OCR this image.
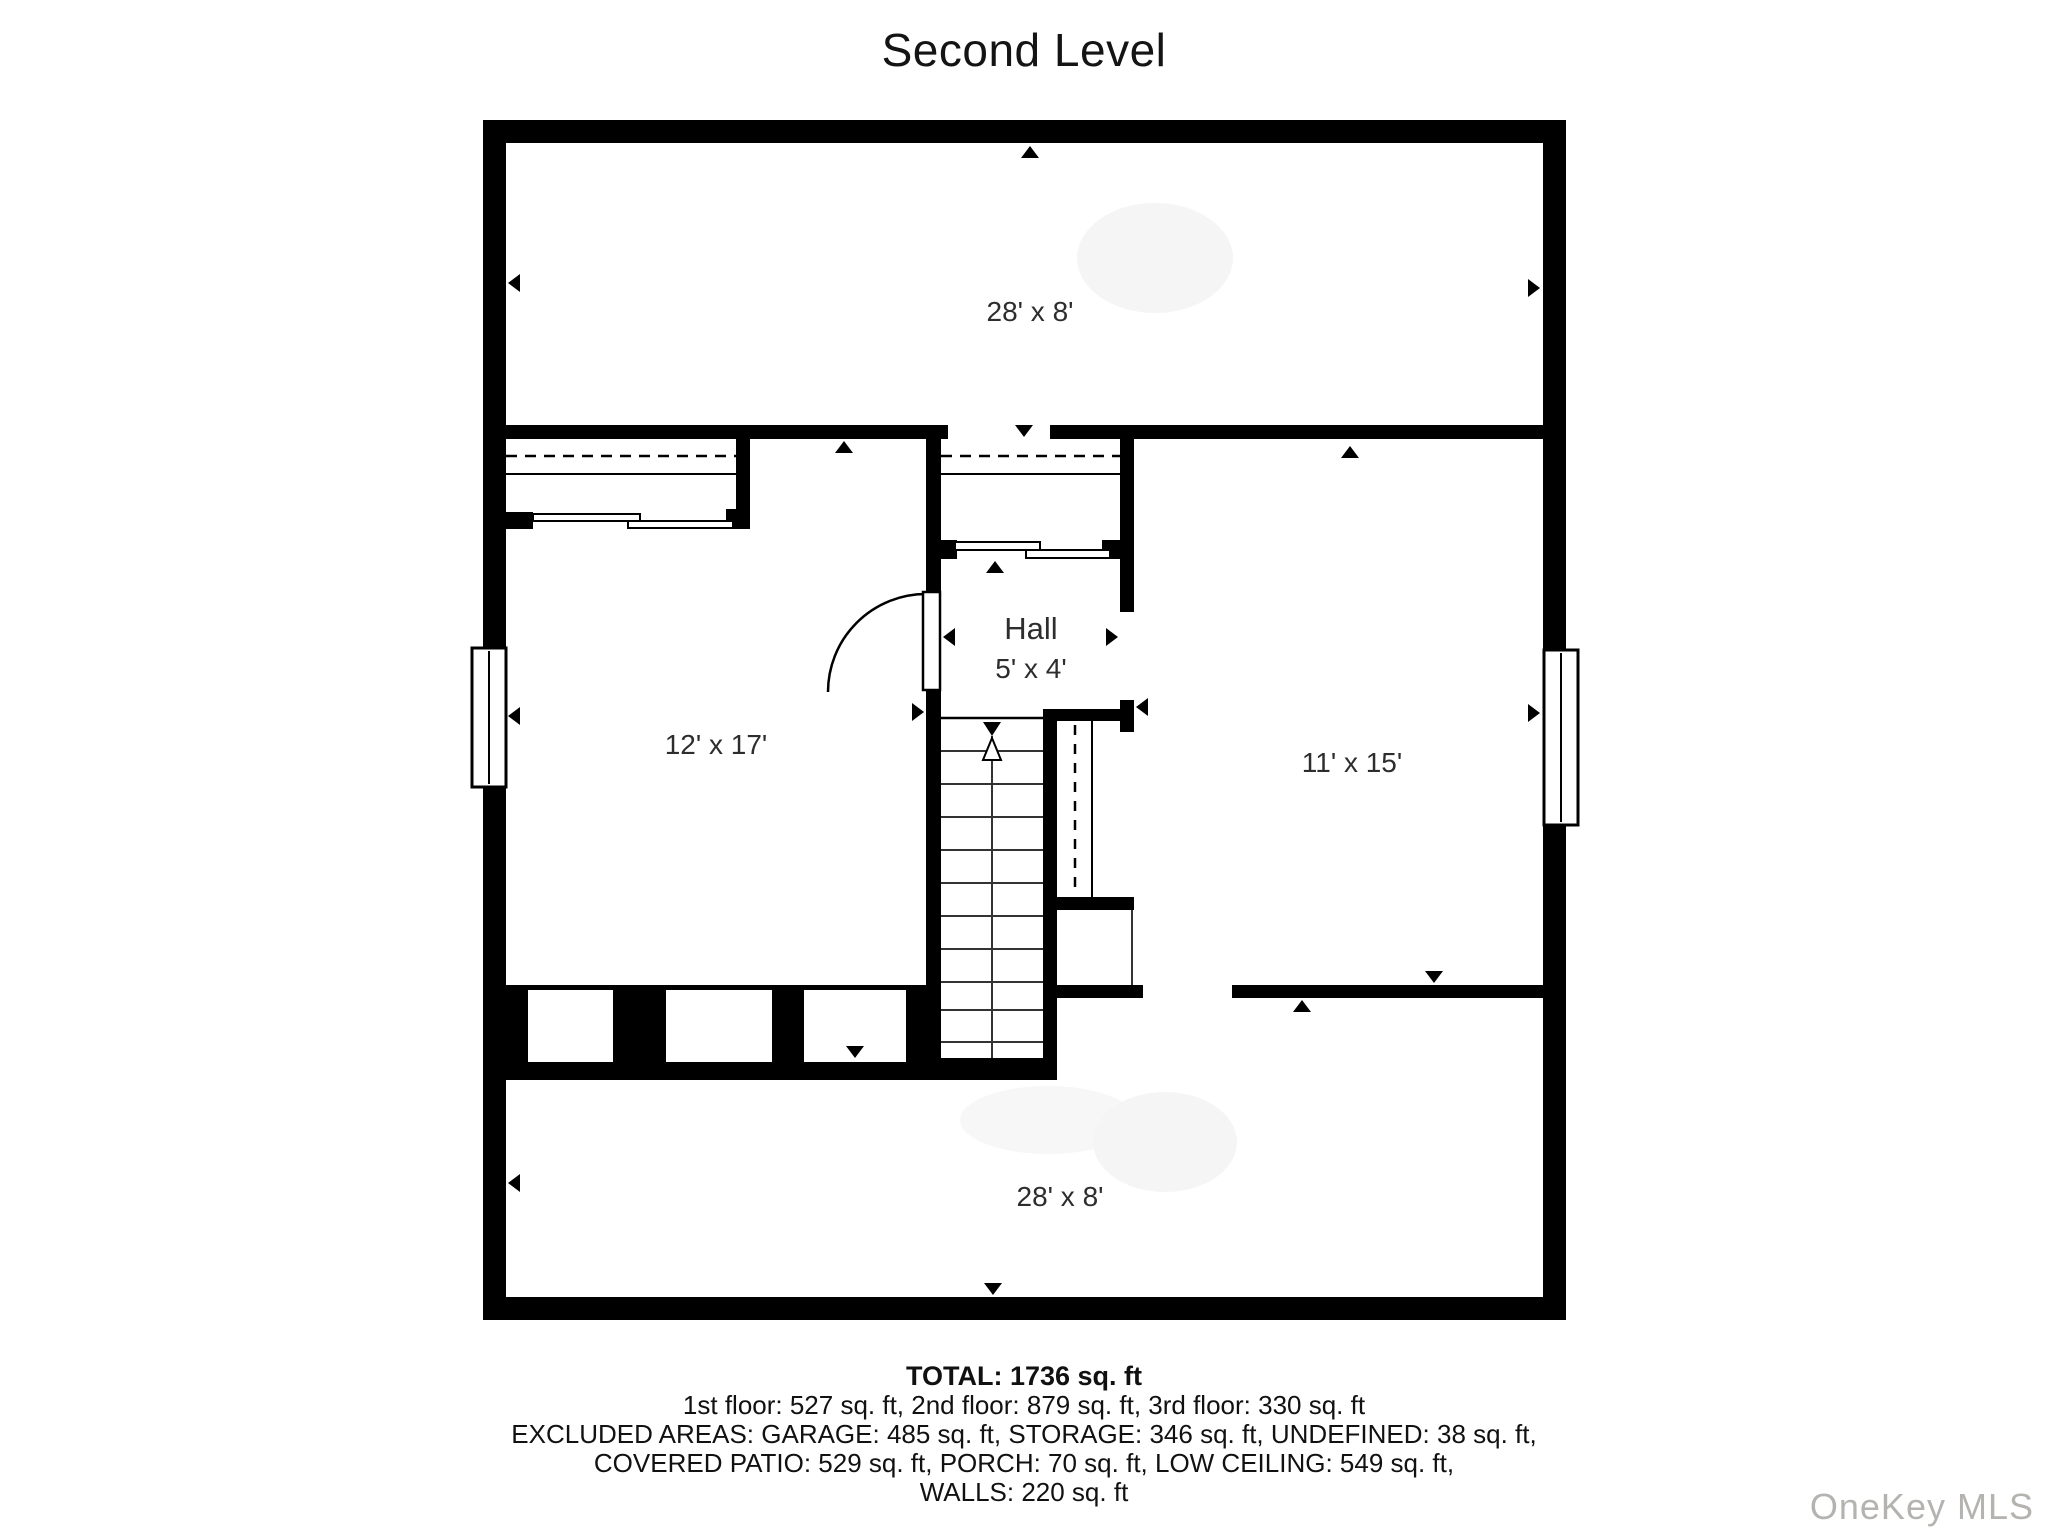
Second Level
28' x 8'
12' x 17'
Hall
5' x 4'
11' x 15'
28' x 8'
TOTAL: 1736 sq. ft
1st floor: 527 sq. ft, 2nd floor: 879 sq. ft, 3rd floor: 330 sq. ft
EXCLUDED AREAS: GARAGE: 485 sq. ft, STORAGE: 346 sq. ft, UNDEFINED: 38 sq. ft,
COVERED PATIO: 529 sq. ft, PORCH: 70 sq. ft, LOW CEILING: 549 sq. ft,
WALLS: 220 sq. ft	OneKey MLS
